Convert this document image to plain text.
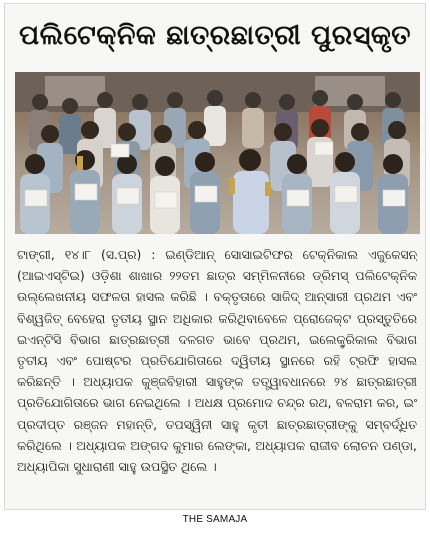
ପଲିଟେକ୍ନିକ ଛାତ୍ରଛାତ୍ରୀ ପୁରସ୍କୃତ
ଟାଙ୍ଗୀ, ୧୪।୮ (ସ.ପ୍ର) : ଇଣ୍ଡିଆନ୍ ସୋସାଇଟିଫର ଟେକ୍ନିକାଲ ଏଜୁକେସନ୍ (ଆଇଏସ୍‌ଟିଇ) ଓଡ଼ିଶା ଶାଖାର ୨୨ତମ ଛାତ୍ର ସମ୍ମିଳନୀରେ ଡ୍ରିମସ୍ ପଲିଟେକ୍ନିକ ଉଲ୍ଲେଖନୀୟ ସଫଳତା ହାସଲ କରିଛି । ବକ୍ତୃତାରେ ସାଜିଦ୍ ଆନ୍‌ସାରୀ ପ୍ରଥମ ଏବଂ ବିଶ୍ୱଜିତ୍ ବେହେରା ତୃତୀୟ ସ୍ଥାନ ଅଧିକାର କରିଥିବାବେଳେ ପ୍ରୋଜେକ୍ଟ ପ୍ରସ୍ତୁତିରେ ଇଏନ୍‌ଟିସି ବିଭାଗ ଛାତ୍ରଛାତ୍ରୀ ଦଳଗତ ଭାବେ ପ୍ରଥମ, ଇଲେକ୍ଟ୍ରିକାଲ ବିଭାଗ ତୃତୀୟ ଏବଂ ପୋଷ୍ଟର ପ୍ରତିଯୋଗିତାରେ ଦ୍ୱିତୀୟ ସ୍ଥାନରେ ରହି ଟ୍ରଫି ହାସଲ କରିଛନ୍ତି । ଅଧ୍ୟାପକ କୁଞ୍ଜବିହାରୀ ସାହୁଙ୍କ ତତ୍ତ୍ୱାବଧାନରେ ୨୪ ଛାତ୍ରଛାତ୍ରୀ ପ୍ରତିଯୋଗିତାରେ ଭାଗ ନେଇଥିଲେ । ଅଧକ୍ଷ ପ୍ରମୋଦ ଚନ୍ଦ୍ର ରଥ, ବଳରାମ କର, ଇଂ ପ୍ରଦୀପ୍ତ ରଞ୍ଜନ ମହାନ୍ତି, ତପସ୍ୱିନୀ ସାହୁ କୃତୀ ଛାତ୍ରଛାତ୍ରୀଙ୍କୁ ସମ୍ବର୍ଦ୍ଧିତ କରିଥିଲେ । ଅଧ୍ୟାପକ ଅଙ୍ଗଦ କୁମାର ଲେଙ୍କା, ଅଧ୍ୟାପକ ରାଜୀବ ଲୋଚନ ପଣ୍ଡା, ଅଧ୍ୟାପିକା ସୁଧାରାଣୀ ସାହୁ ଉପସ୍ଥିତ ଥିଲେ ।
THE SAMAJA
